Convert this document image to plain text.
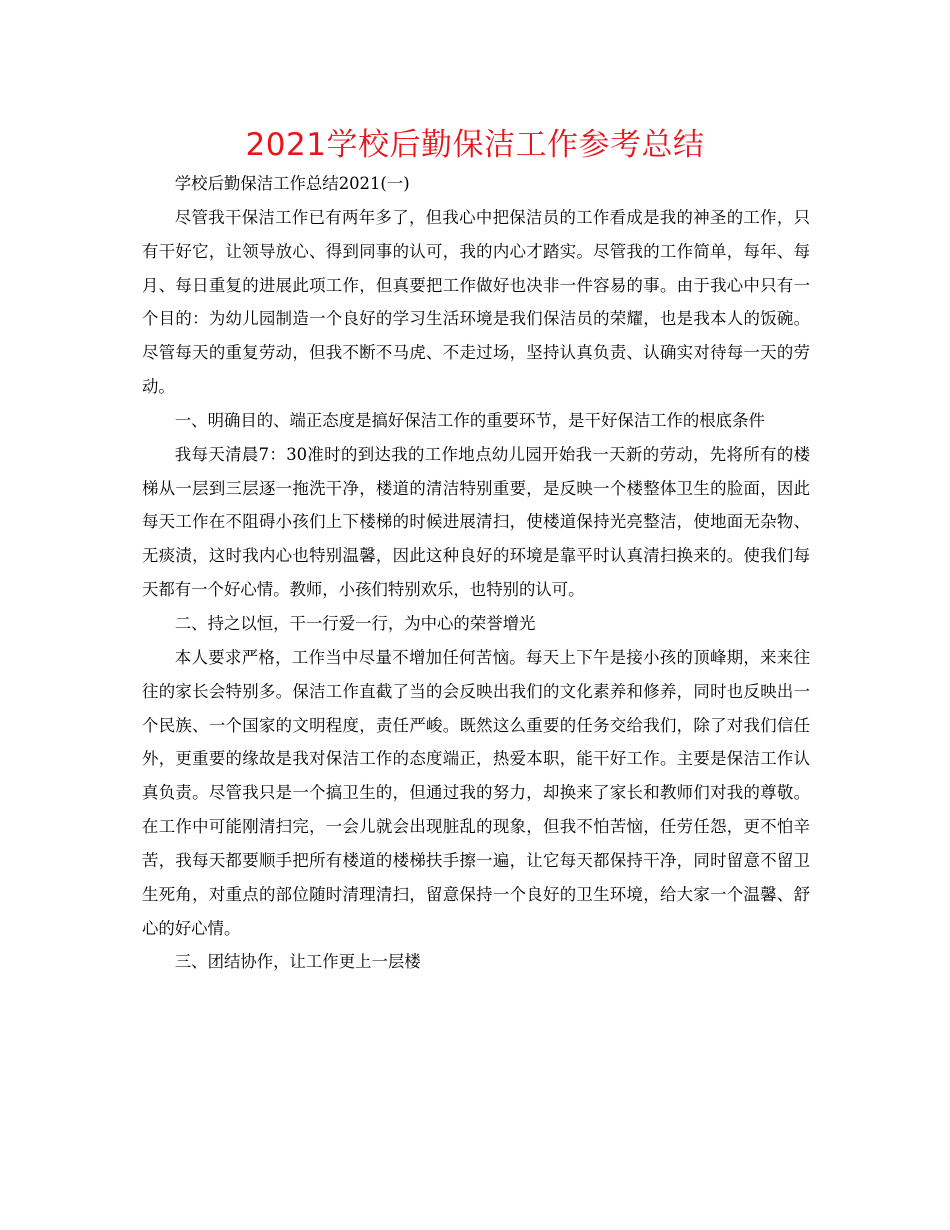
2021学校后勤保洁工作参考总结

学校后勤保洁工作总结2021(一)

尽管我干保洁工作已有两年多了，但我心中把保洁员的工作看成是我的神圣的工作，只有干好它，让领导放心、得到同事的认可，我的内心才踏实。尽管我的工作简单，每年、每月、每日重复的进展此项工作，但真要把工作做好也决非一件容易的事。由于我心中只有一个目的：为幼儿园制造一个良好的学习生活环境是我们保洁员的荣耀，也是我本人的饭碗。尽管每天的重复劳动，但我不断不马虎、不走过场，坚持认真负责、认确实对待每一天的劳动。

一、明确目的、端正态度是搞好保洁工作的重要环节，是干好保洁工作的根底条件

我每天清晨7：30准时的到达我的工作地点幼儿园开始我一天新的劳动，先将所有的楼梯从一层到三层逐一拖洗干净，楼道的清洁特别重要，是反映一个楼整体卫生的脸面，因此每天工作在不阻碍小孩们上下楼梯的时候进展清扫，使楼道保持光亮整洁，使地面无杂物、无痰渍，这时我内心也特别温馨，因此这种良好的环境是靠平时认真清扫换来的。使我们每天都有一个好心情。教师，小孩们特别欢乐，也特别的认可。

二、持之以恒，干一行爱一行，为中心的荣誉增光

本人要求严格，工作当中尽量不增加任何苦恼。每天上下午是接小孩的顶峰期，来来往往的家长会特别多。保洁工作直截了当的会反映出我们的文化素养和修养，同时也反映出一个民族、一个国家的文明程度，责任严峻。既然这么重要的任务交给我们，除了对我们信任外，更重要的缘故是我对保洁工作的态度端正，热爱本职，能干好工作。主要是保洁工作认真负责。尽管我只是一个搞卫生的，但通过我的努力，却换来了家长和教师们对我的尊敬。在工作中可能刚清扫完，一会儿就会出现脏乱的现象，但我不怕苦恼，任劳任怨，更不怕辛苦，我每天都要顺手把所有楼道的楼梯扶手擦一遍，让它每天都保持干净，同时留意不留卫生死角，对重点的部位随时清理清扫，留意保持一个良好的卫生环境，给大家一个温馨、舒心的好心情。

三、团结协作，让工作更上一层楼
